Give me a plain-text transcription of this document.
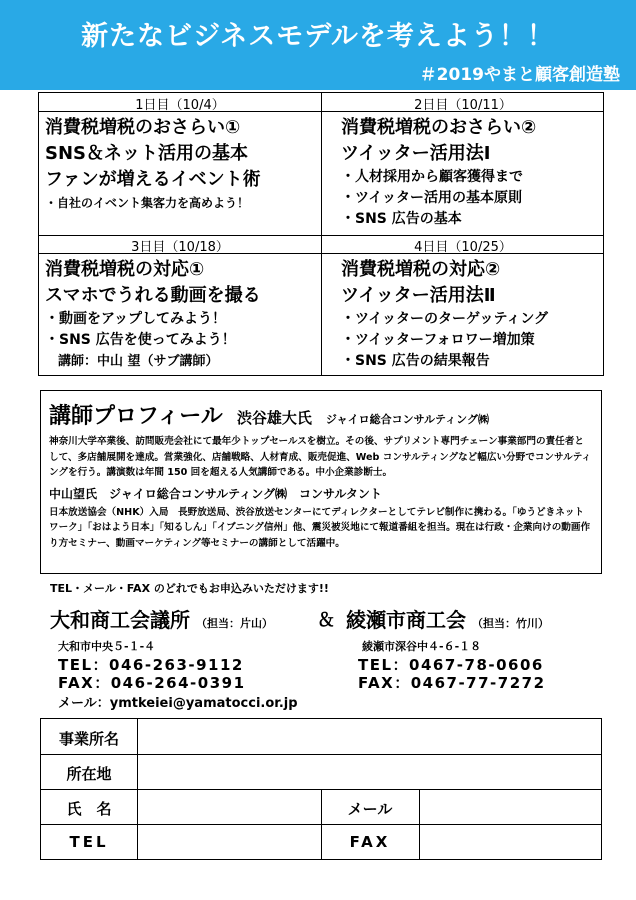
新たなビジネスモデルを考えよう！！
＃2019やまと顧客創造塾
1日目（10/4）
消費税増税のおさらい①
SNS＆ネット活用の基本
ファンが増えるイベント術
・自社のイベント集客力を高めよう！
2日目（10/11）
消費税増税のおさらい②
ツイッター活用法Ⅰ
・人材採用から顧客獲得まで
・ツイッター活用の基本原則
・SNS 広告の基本
3日目（10/18）
消費税増税の対応①
スマホでうれる動画を撮る
・動画をアップしてみよう！
・SNS 広告を使ってみよう！
　講師：中山 望（サブ講師）
4日目（10/25）
消費税増税の対応②
ツイッター活用法Ⅱ
・ツイッターのターゲッティング
・ツイッターフォロワー増加策
・SNS 広告の結果報告
講師プロフィール 渋谷雄大氏 ジャイロ総合コンサルティング㈱
神奈川大学卒業後、訪問販売会社にて最年少トップセールスを樹立。その後、サプリメント専門チェーン事業部門の責任者として、多店舗展開を達成。営業強化、店舗戦略、人材育成、販売促進、Web コンサルティングなど幅広い分野でコンサルティングを行う。講演数は年間 150 回を超える人気講師である。中小企業診断士。
中山望氏　ジャイロ総合コンサルティング㈱　コンサルタント
日本放送協会（NHK）入局　長野放送局、渋谷放送センターにてディレクターとしてテレビ制作に携わる。「ゆうどきネットワーク」「おはよう日本」「知るしん」「イブニング信州」他、震災被災地にて報道番組を担当。現在は行政・企業向けの動画作り方セミナー、動画マーケティング等セミナーの講師として活躍中。
TEL・メール・FAX のどれでもお申込みいただけます!!
大和商工会議所 （担当：片山） ＆ 綾瀬市商工会 （担当：竹川）
大和市中央５-１-４	綾瀬市深谷中４-６-１８
TEL：046-263-9112
FAX：046-264-0391
TEL：0467-78-0606
FAX：0467-77-7272
メール：ymtkeiei@yamatocci.or.jp
事業所名
所在地
氏　名
TEL
メール
FAX
